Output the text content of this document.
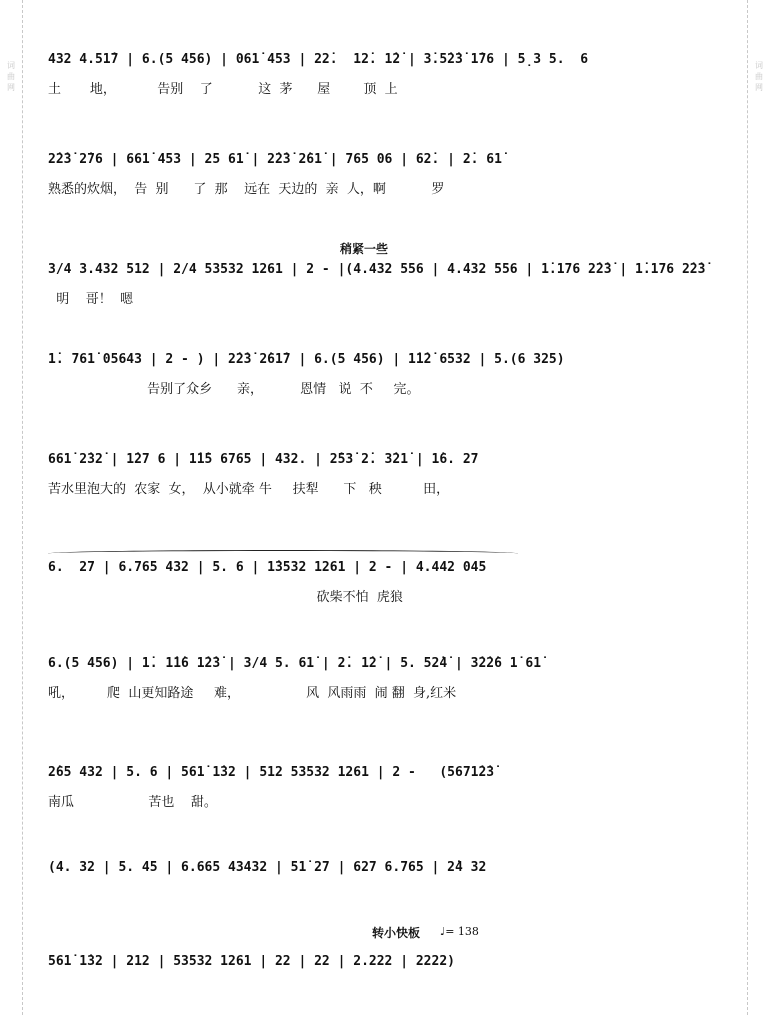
词
曲
网
词
曲
网
432 4.51̇7 | 6.(5 456) | 061̇ 453 | 22̇.  12̇. 1̇2̇ | 3̇.5̇2̇3̇ 1̇76 | 5̣3 5.  6
土       地，          告别    了           这  茅      屋        顶  上
2̇2̇3̇ 2̇76 | 661̇ 453 | 25 61̇ | 2̇2̇3̇ 2̇61̇ | 765 06 | 62̇. | 2̇. 61̇
熟悉的炊烟，  告  别      了  那    远在  天边的  亲  人，啊           罗
稍紧一些
3/4 3.432 512 | 2/4 53532 1261 | 2 - |(4.432 556 | 4.432 556 | 1̇.176 2̇2̇3̇ | 1̇.176 2̇2̇3̇
明    哥！  嗯
1̇. 761̇ 05643 | 2 - ) | 2̇2̇3̇ 2̇61̇7 | 6.(5 456) | 1̇1̇2̇ 6532 | 5.(6 325)
告别了众乡      亲，         恩情   说  不     完。
661̇ 2̇32̇ | 1̇27 6 | 1̇1̇5 6765 | 432. | 2̇53̇ 2̇. 3̇21̇ | 1̇6. 27
苦水里泡大的  农家  女，  从小就牵 牛     扶犁      下   秧          田，
6.  27 | 6.765 432 | 5. 6 | 1̇3532 1261 | 2 - | 4.442 045
砍柴不怕  虎狼
6.(5 456) | 1̇. 1̇1̇6 1̇2̇3̇ | 3/4 5. 61̇ | 2̇. 1̇2̇ | 5. 52̇4̇ | 3̇2̇2̇6 1̇ 61̇
吼，        爬  山更知路途     难，                风  风雨雨  闹 翻  身,红米
2̇65 432 | 5. 6 | 561̇ 1̇32 | 512 53532 1261 | 2 -   (5671̇2̇3̇
南瓜                  苦也    甜。
(4. 32 | 5. 45 | 6.665 43432 | 51̇ 27 | 627 6.765 | 2̇4 32
转小快板 ♩= 138
561̇ 1̇32 | 212 | 53532 1261 | 22 | 22 | 2.222 | 2222)
